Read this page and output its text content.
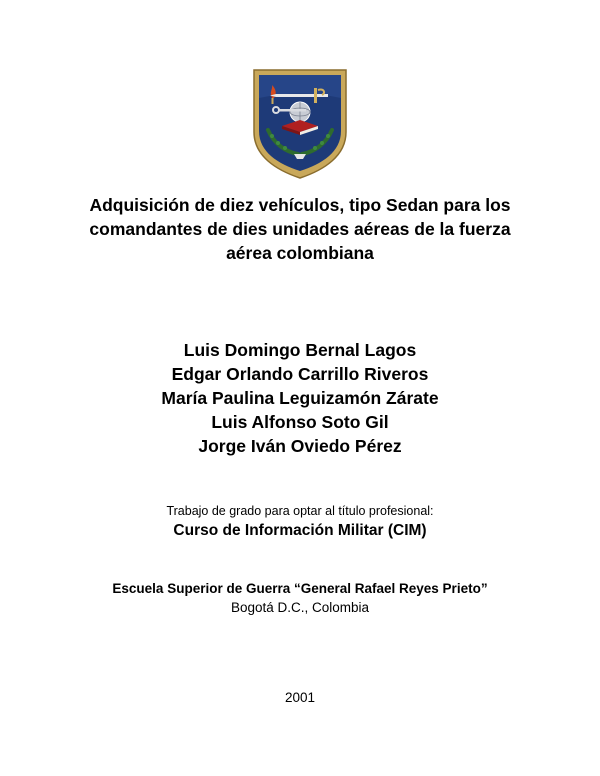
Adquisición de diez vehículos, tipo Sedan para los
comandantes de dies unidades aéreas de la fuerza
aérea colombiana
Luis Domingo Bernal Lagos
Edgar Orlando Carrillo Riveros
María Paulina Leguizamón Zárate
Luis Alfonso Soto Gil
Jorge Iván Oviedo Pérez
Trabajo de grado para optar al título profesional:
Curso de Información Militar (CIM)
Escuela Superior de Guerra “General Rafael Reyes Prieto”
Bogotá D.C., Colombia
2001
